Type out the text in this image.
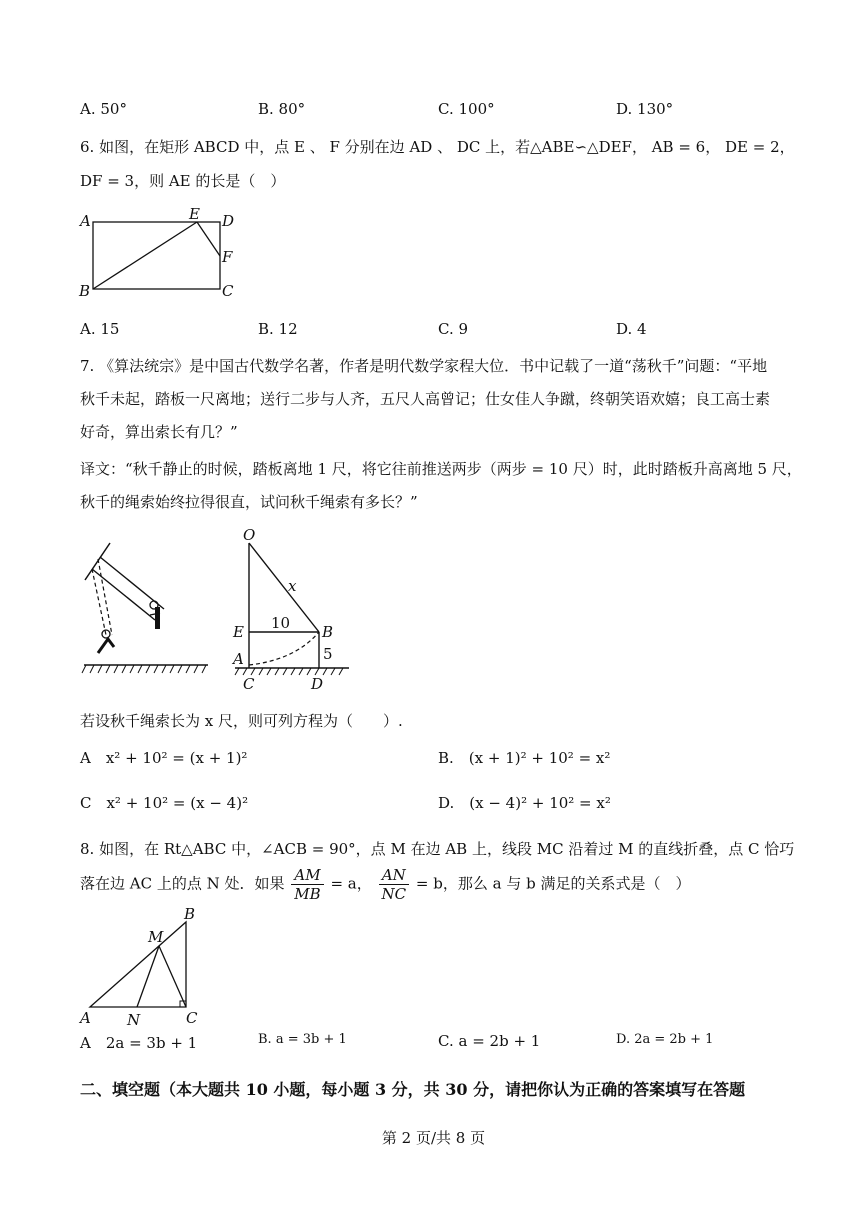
A. 50°	B. 80°	C. 100°	D. 130°
6. 如图，在矩形 ABCD 中，点 E 、 F 分别在边 AD 、 DC 上，若△ABE∽△DEF， AB = 6， DE = 2，
DF = 3，则 AE 的长是（　）
A	E D
F
B	C
A. 15	B. 12	C. 9	D. 4
7. 《算法统宗》是中国古代数学名著，作者是明代数学家程大位．书中记载了一道“荡秋千”问题：“平地
秋千未起，踏板一尺离地；送行二步与人齐，五尺人高曾记；仕女佳人争蹴，终朝笑语欢嬉；良工高士素
好奇，算出索长有几？”
译文：“秋千静止的时候，踏板离地 1 尺，将它往前推送两步（两步 = 10 尺）时，此时踏板升高离地 5 尺，
秋千的绳索始终拉得很直，试问秋千绳索有多长？”
O
x
10
E	B
A	5
C	D
若设秋千绳索长为 x 尺，则可列方程为（　　）.
A　x² + 10² = (x + 1)²	B.　(x + 1)² + 10² = x²
C　x² + 10² = (x − 4)²	D.　(x − 4)² + 10² = x²
8. 如图，在 Rt△ABC 中，∠ACB = 90°，点 M 在边 AB 上，线段 MC 沿着过 M 的直线折叠，点 C 恰巧
落在边 AC 上的点 N 处．如果 $\frac{AM}{MB} = a$， $\frac{AN}{NC} = b$，那么 a 与 b 满足的关系式是（　）
B
M
A N	C
A　2a = 3b + 1	B. a = 3b + 1	C. a = 2b + 1	D. 2a = 2b + 1
二、填空题（本大题共 10 小题，每小题 3 分，共 30 分，请把你认为正确的答案填写在答题
第 2 页/共 8 页
